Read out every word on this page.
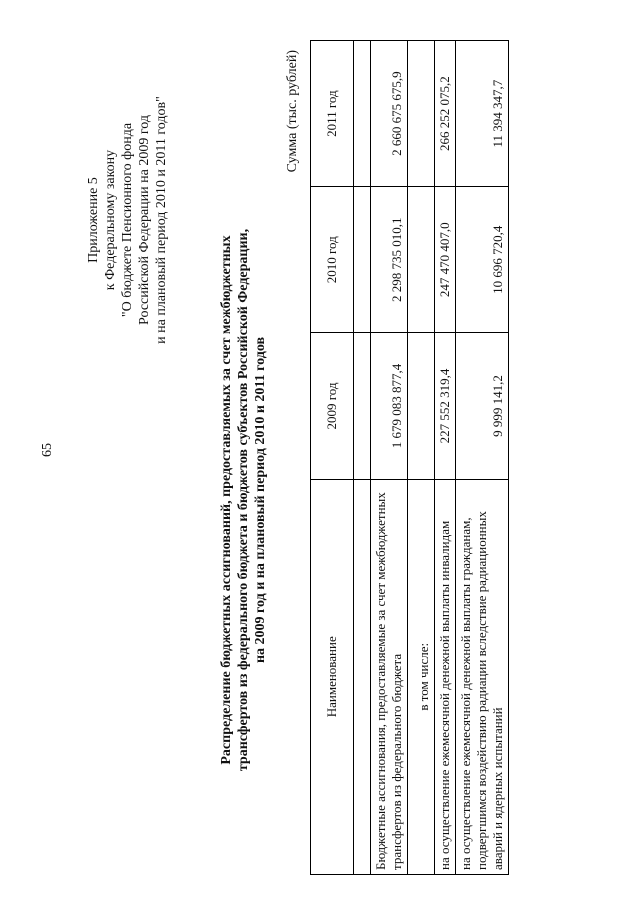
65
Приложение 5 к Федеральному закону "О бюджете Пенсионного фонда Российской Федерации на 2009 год и на плановый период 2010 и 2011 годов"
Распределение бюджетных ассигнований, предоставляемых за счет межбюджетных трансфертов из федерального бюджета и бюджетов субъектов Российской Федерации, на 2009 год и на плановый период 2010 и 2011 годов
Сумма (тыс. рублей)
Наименование	2009 год	2010 год	2011 год

Бюджетные ассигнования, предоставляемые за счет межбюджетных трансфертов из федерального бюджета	1 679 083 877,4	2 298 735 010,1	2 660 675 675,9
в том числе:			
на осуществление ежемесячной денежной выплаты инвалидам	227 552 319,4	247 470 407,0	266 252 075,2
на осуществление ежемесячной денежной выплаты гражданам, подвергшимся воздействию радиации вследствие радиационных аварий и ядерных испытаний	9 999 141,2	10 696 720,4	11 394 347,7
